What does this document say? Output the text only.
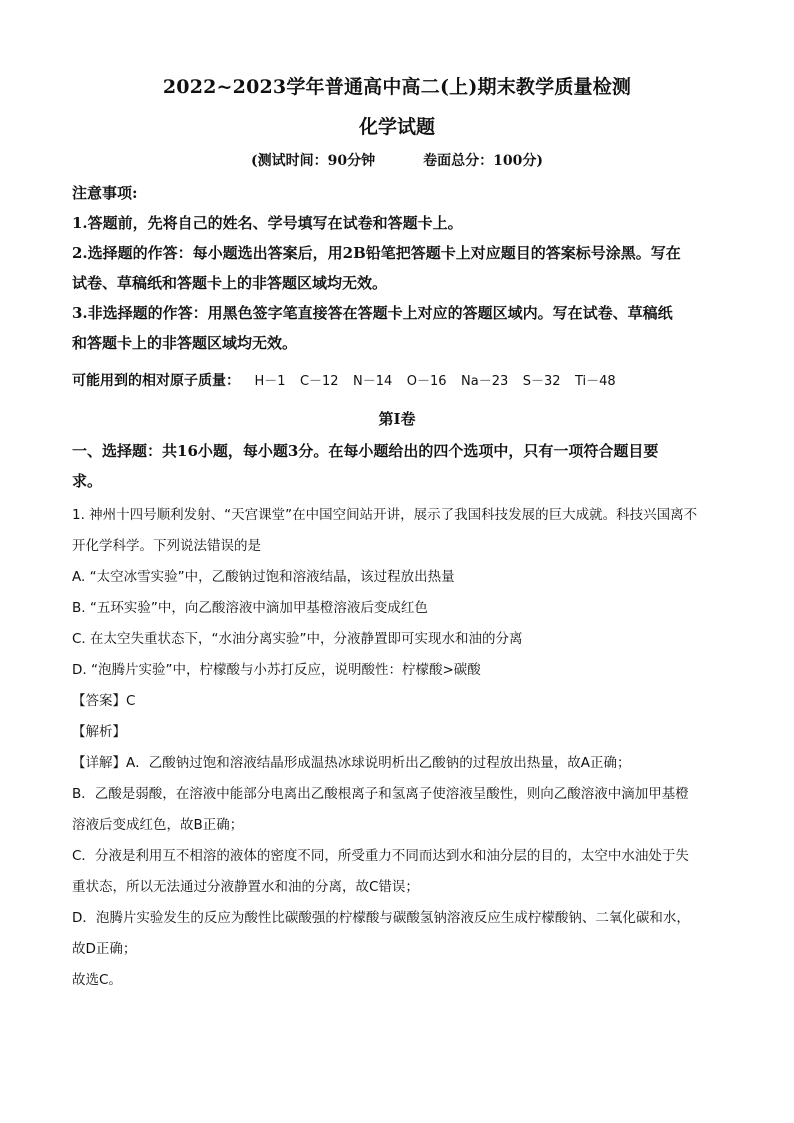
2022~2023学年普通高中高二(上)期末教学质量检测
化学试题
(测试时间：90分钟	卷面总分：100分)
注意事项:
1.答题前，先将自己的姓名、学号填写在试卷和答题卡上。
2.选择题的作答：每小题选出答案后，用2B铅笔把答题卡上对应题目的答案标号涂黑。写在
试卷、草稿纸和答题卡上的非答题区域均无效。
3.非选择题的作答：用黑色签字笔直接答在答题卡上对应的答题区域内。写在试卷、草稿纸
和答题卡上的非答题区域均无效。
可能用到的相对原子质量： H－1 C－12 N－14 O－16 Na－23 S－32 Ti－48
第Ⅰ卷
一、选择题：共16小题，每小题3分。在每小题给出的四个选项中，只有一项符合题目要
求。
1. 神州十四号顺利发射、“天宫课堂”在中国空间站开讲，展示了我国科技发展的巨大成就。科技兴国离不
开化学科学。下列说法错误的是
A. “太空冰雪实验”中，乙酸钠过饱和溶液结晶，该过程放出热量
B. “五环实验”中，向乙酸溶液中滴加甲基橙溶液后变成红色
C. 在太空失重状态下，“水油分离实验”中，分液静置即可实现水和油的分离
D. “泡腾片实验”中，柠檬酸与小苏打反应，说明酸性：柠檬酸>碳酸
【答案】C
【解析】
【详解】A．乙酸钠过饱和溶液结晶形成温热冰球说明析出乙酸钠的过程放出热量，故A正确；
B．乙酸是弱酸，在溶液中能部分电离出乙酸根离子和氢离子使溶液呈酸性，则向乙酸溶液中滴加甲基橙
溶液后变成红色，故B正确；
C．分液是利用互不相溶的液体的密度不同，所受重力不同而达到水和油分层的目的，太空中水油处于失
重状态，所以无法通过分液静置水和油的分离，故C错误；
D．泡腾片实验发生的反应为酸性比碳酸强的柠檬酸与碳酸氢钠溶液反应生成柠檬酸钠、二氧化碳和水，
故D正确；
故选C。
